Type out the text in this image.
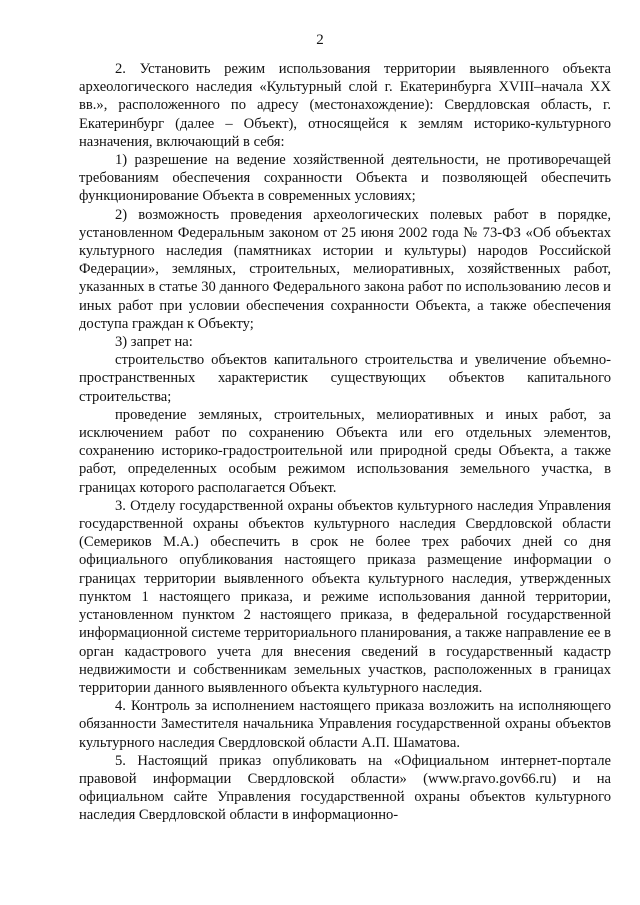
2

2. Установить режим использования территории выявленного объекта археологического наследия «Культурный слой г. Екатеринбурга XVIII–начала XX вв.», расположенного по адресу (местонахождение): Свердловская область, г. Екатеринбург (далее – Объект), относящейся к землям историко-культурного назначения, включающий в себя:

1) разрешение на ведение хозяйственной деятельности, не противоречащей требованиям обеспечения сохранности Объекта и позволяющей обеспечить функционирование Объекта в современных условиях;

2) возможность проведения археологических полевых работ в порядке, установленном Федеральным законом от 25 июня 2002 года № 73-ФЗ «Об объектах культурного наследия (памятниках истории и культуры) народов Российской Федерации», земляных, строительных, мелиоративных, хозяйственных работ, указанных в статье 30 данного Федерального закона работ по использованию лесов и иных работ при условии обеспечения сохранности Объекта, а также обеспечения доступа граждан к Объекту;

3) запрет на:

строительство объектов капитального строительства и увеличение объемно-пространственных характеристик существующих объектов капитального строительства;

проведение земляных, строительных, мелиоративных и иных работ, за исключением работ по сохранению Объекта или его отдельных элементов, сохранению историко-градостроительной или природной среды Объекта, а также работ, определенных особым режимом использования земельного участка, в границах которого располагается Объект.

3. Отделу государственной охраны объектов культурного наследия Управления государственной охраны объектов культурного наследия Свердловской области (Семериков М.А.) обеспечить в срок не более трех рабочих дней со дня официального опубликования настоящего приказа размещение информации о границах территории выявленного объекта культурного наследия, утвержденных пунктом 1 настоящего приказа, и режиме использования данной территории, установленном пунктом 2 настоящего приказа, в федеральной государственной информационной системе территориального планирования, а также направление ее в орган кадастрового учета для внесения сведений в государственный кадастр недвижимости и собственникам земельных участков, расположенных в границах территории данного выявленного объекта культурного наследия.

4. Контроль за исполнением настоящего приказа возложить на исполняющего обязанности Заместителя начальника Управления государственной охраны объектов культурного наследия Свердловской области А.П. Шаматова.

5. Настоящий приказ опубликовать на «Официальном интернет-портале правовой информации Свердловской области» (www.pravo.gov66.ru) и на официальном сайте Управления государственной охраны объектов культурного наследия Свердловской области в информационно-
